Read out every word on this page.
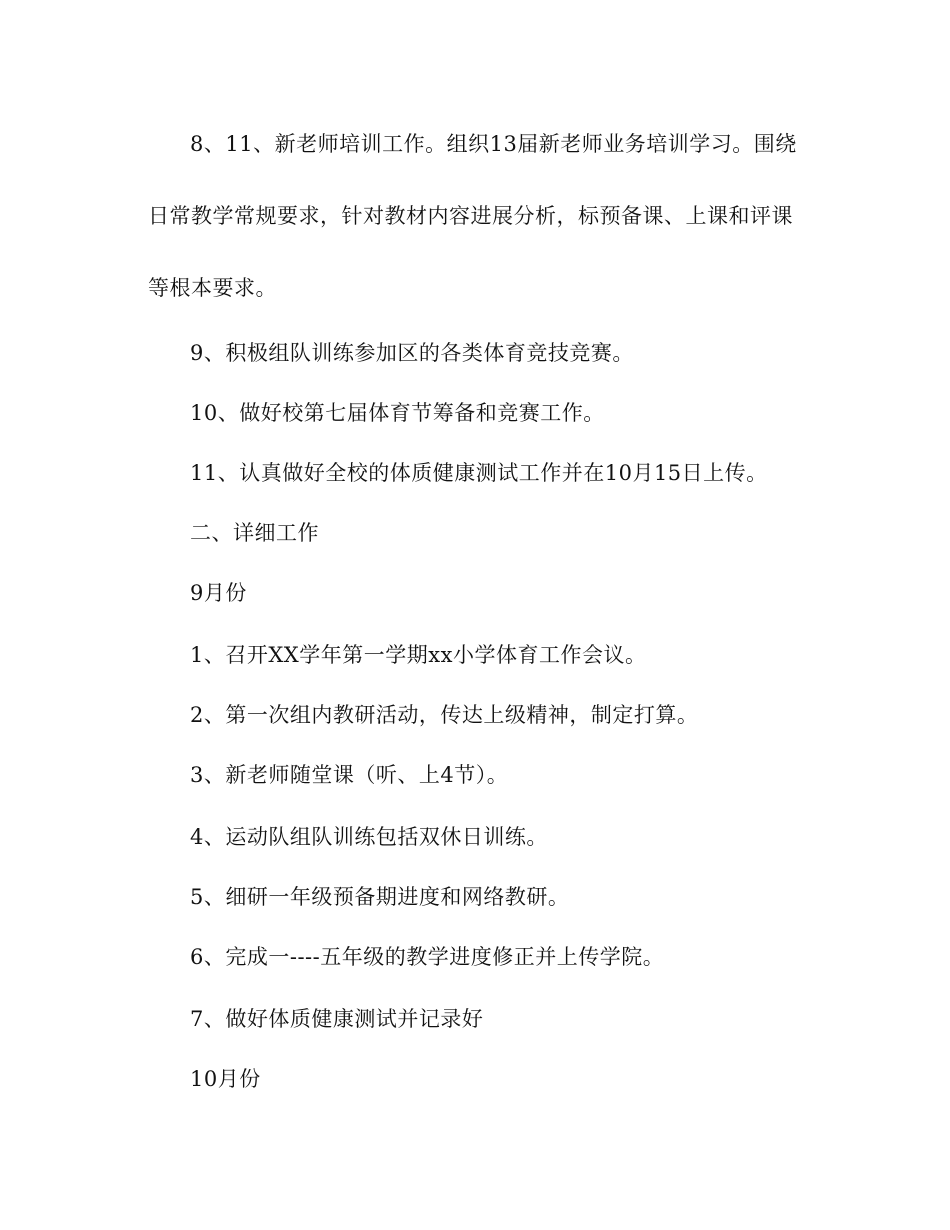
8、11、新老师培训工作。组织13届新老师业务培训学习。围绕日常教学常规要求，针对教材内容进展分析，标预备课、上课和评课等根本要求。

9、积极组队训练参加区的各类体育竞技竞赛。

10、做好校第七届体育节筹备和竞赛工作。

11、认真做好全校的体质健康测试工作并在10月15日上传。

二、详细工作

9月份

1、召开XX学年第一学期xx小学体育工作会议。

2、第一次组内教研活动，传达上级精神，制定打算。

3、新老师随堂课（听、上4节）。

4、运动队组队训练包括双休日训练。

5、细研一年级预备期进度和网络教研。

6、完成一----五年级的教学进度修正并上传学院。

7、做好体质健康测试并记录好

10月份
